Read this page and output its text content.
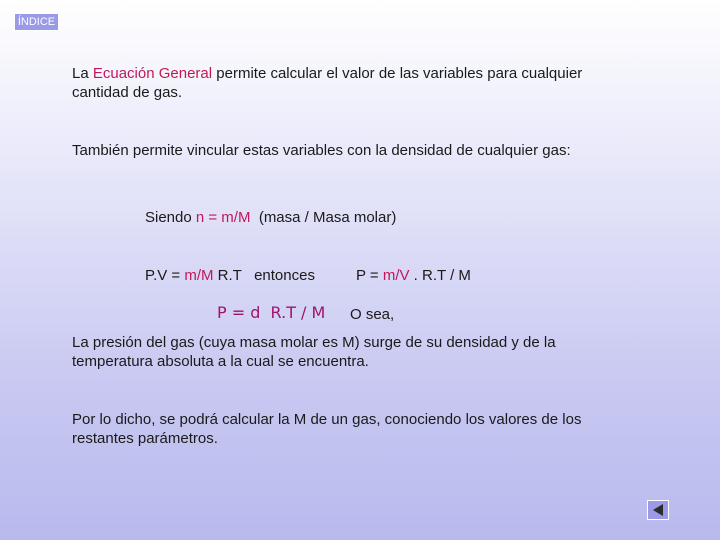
ÍNDICE

La Ecuación General permite calcular el valor de las variables para cualquier cantidad de gas.

También permite vincular estas variables con la densidad de cualquier gas:

Siendo n = m/M  (masa / Masa molar)

P.V = m/M R.T   entonces	P = m/V . R.T / M

P = d  R.T / M O sea,

La presión del gas (cuya masa molar es M) surge de su densidad y de la temperatura absoluta a la cual se encuentra.

Por lo dicho, se podrá calcular la M de un gas, conociendo los valores de los restantes parámetros.
